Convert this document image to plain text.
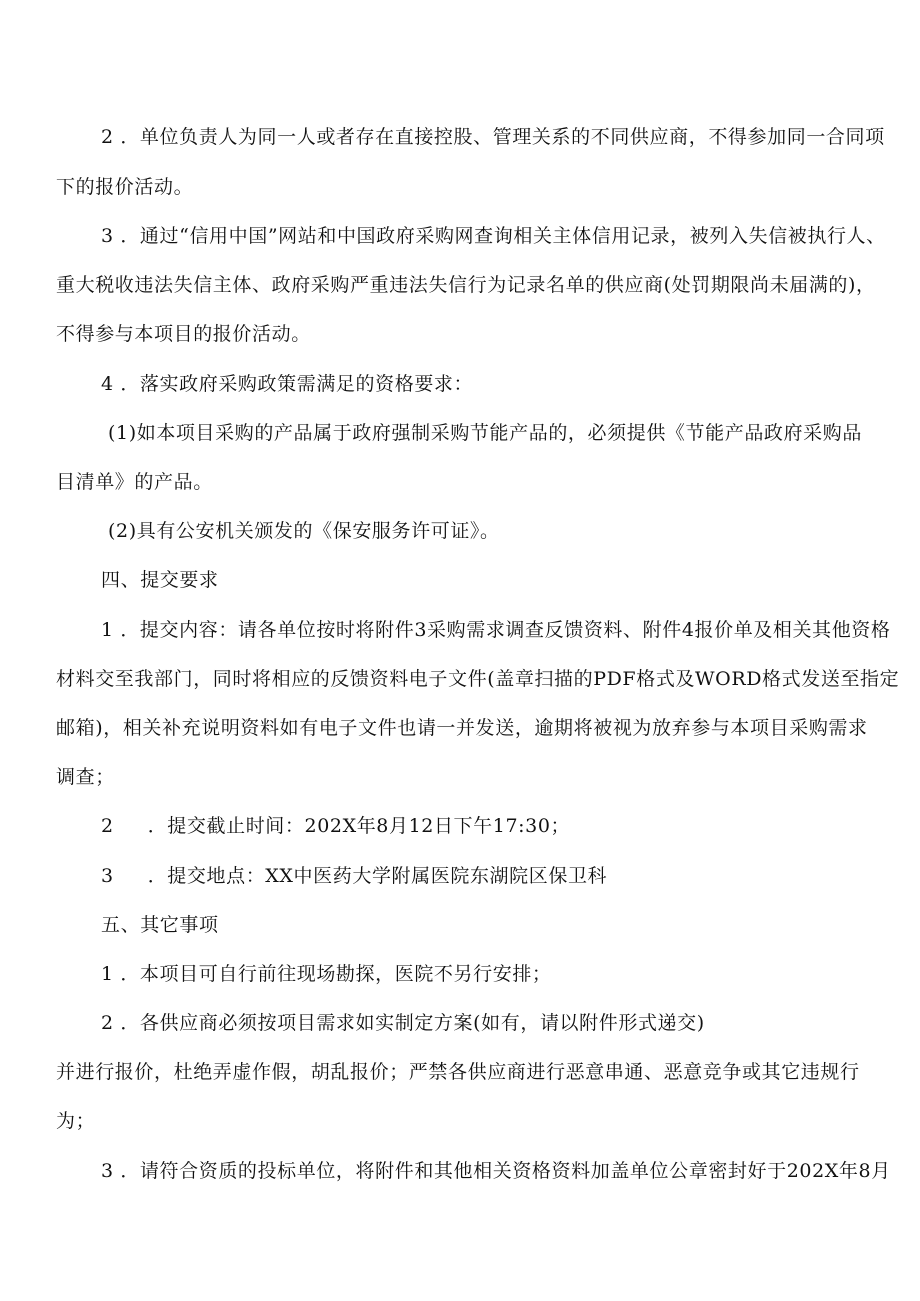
2 ．单位负责人为同一人或者存在直接控股、管理关系的不同供应商，不得参加同一合同项
下的报价活动。
3 ．通过“信用中国”网站和中国政府采购网查询相关主体信用记录，被列入失信被执行人、
重大税收违法失信主体、政府采购严重违法失信行为记录名单的供应商(处罚期限尚未届满的)，
不得参与本项目的报价活动。
4 ．落实政府采购政策需满足的资格要求：
(1)如本项目采购的产品属于政府强制采购节能产品的，必须提供《节能产品政府采购品
目清单》的产品。
(2)具有公安机关颁发的《保安服务许可证》。
四、提交要求
1 ．提交内容：请各单位按时将附件3采购需求调查反馈资料、附件4报价单及相关其他资格
材料交至我部门，同时将相应的反馈资料电子文件(盖章扫描的PDF格式及WORD格式发送至指定
邮箱)，相关补充说明资料如有电子文件也请一并发送，逾期将被视为放弃参与本项目采购需求
调查；
2 ．提交截止时间：202X年8月12日下午17:30；
3 ．提交地点：XX中医药大学附属医院东湖院区保卫科
五、其它事项
1 ．本项目可自行前往现场勘探，医院不另行安排；
2 ．各供应商必须按项目需求如实制定方案(如有，请以附件形式递交)
并进行报价，杜绝弄虚作假，胡乱报价；严禁各供应商进行恶意串通、恶意竞争或其它违规行
为；
3 ．请符合资质的投标单位，将附件和其他相关资格资料加盖单位公章密封好于202X年8月
